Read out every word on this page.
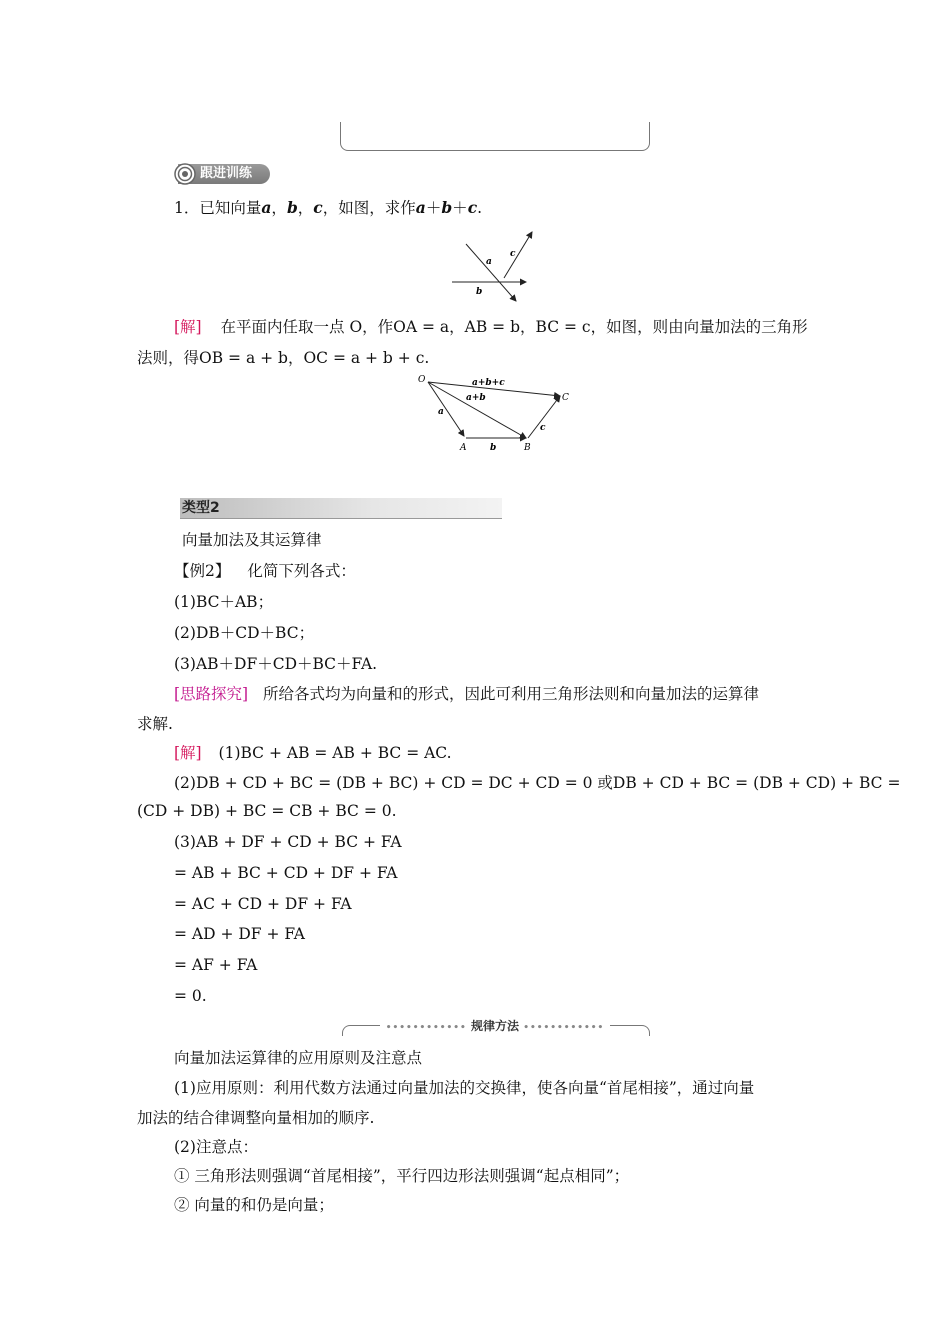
跟进训练
1．已知向量a，b，c，如图，求作a＋b＋c.
a
b
c
[解] 在平面内任取一点 O，作OA = a，AB = b，BC = c，如图，则由向量加法的三角形
法则，得OB = a + b，OC = a + b + c.
O
A	B
C
a+b+c
a+b
a
b
c
类型2
向量加法及其运算律
【例2】 化简下列各式：
(1)BC＋AB；
(2)DB＋CD＋BC；
(3)AB＋DF＋CD＋BC＋FA.
[思路探究] 所给各式均为向量和的形式，因此可利用三角形法则和向量加法的运算律
求解.
[解] (1)BC + AB = AB + BC = AC.
(2)DB + CD + BC = (DB + BC) + CD = DC + CD = 0 或DB + CD + BC = (DB + CD) + BC =
(CD + DB) + BC = CB + BC = 0.
(3)AB + DF + CD + BC + FA
= AB + BC + CD + DF + FA
= AC + CD + DF + FA
= AD + DF + FA
= AF + FA
= 0.
•••••••••••• 规律方法 ••••••••••••
向量加法运算律的应用原则及注意点
(1)应用原则：利用代数方法通过向量加法的交换律，使各向量“首尾相接”，通过向量
加法的结合律调整向量相加的顺序.
(2)注意点：
① 三角形法则强调“首尾相接”，平行四边形法则强调“起点相同”；
② 向量的和仍是向量；
